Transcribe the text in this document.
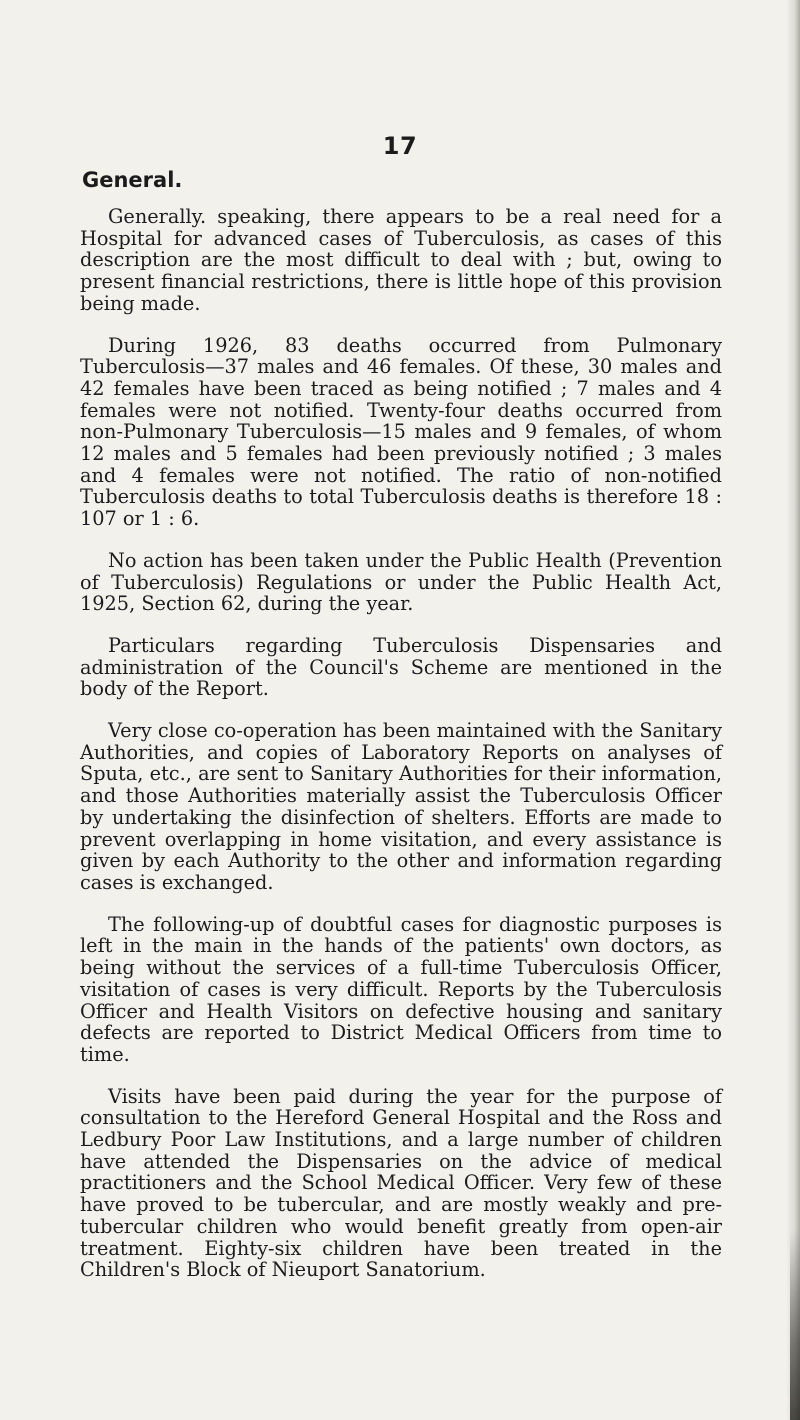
17
General.

Generally. speaking, there appears to be a real need for a Hospital for advanced cases of Tuberculosis, as cases of this description are the most difficult to deal with ; but, owing to present financial restrictions, there is little hope of this provision being made.

During 1926, 83 deaths occurred from Pulmonary Tuberculosis—37 males and 46 females. Of these, 30 males and 42 females have been traced as being notified ; 7 males and 4 females were not notified. Twenty-four deaths occurred from non-Pulmonary Tuberculosis—15 males and 9 females, of whom 12 males and 5 females had been previously notified ; 3 males and 4 females were not notified. The ratio of non-notified Tuberculosis deaths to total Tuberculosis deaths is therefore 18 : 107 or 1 : 6.

No action has been taken under the Public Health (Prevention of Tuberculosis) Regulations or under the Public Health Act, 1925, Section 62, during the year.

Particulars regarding Tuberculosis Dispensaries and administration of the Council's Scheme are mentioned in the body of the Report.

Very close co-operation has been maintained with the Sanitary Authorities, and copies of Laboratory Reports on analyses of Sputa, etc., are sent to Sanitary Authorities for their information, and those Authorities materially assist the Tuberculosis Officer by undertaking the disinfection of shelters. Efforts are made to prevent overlapping in home visitation, and every assistance is given by each Authority to the other and information regarding cases is exchanged.

The following-up of doubtful cases for diagnostic purposes is left in the main in the hands of the patients' own doctors, as being without the services of a full-time Tuberculosis Officer, visitation of cases is very difficult. Reports by the Tuberculosis Officer and Health Visitors on defective housing and sanitary defects are reported to District Medical Officers from time to time.

Visits have been paid during the year for the purpose of consultation to the Hereford General Hospital and the Ross and Ledbury Poor Law Institutions, and a large number of children have attended the Dispensaries on the advice of medical practitioners and the School Medical Officer. Very few of these have proved to be tubercular, and are mostly weakly and pre-tubercular children who would benefit greatly from open-air treatment. Eighty-six children have been treated in the Children's Block of Nieuport Sanatorium.
